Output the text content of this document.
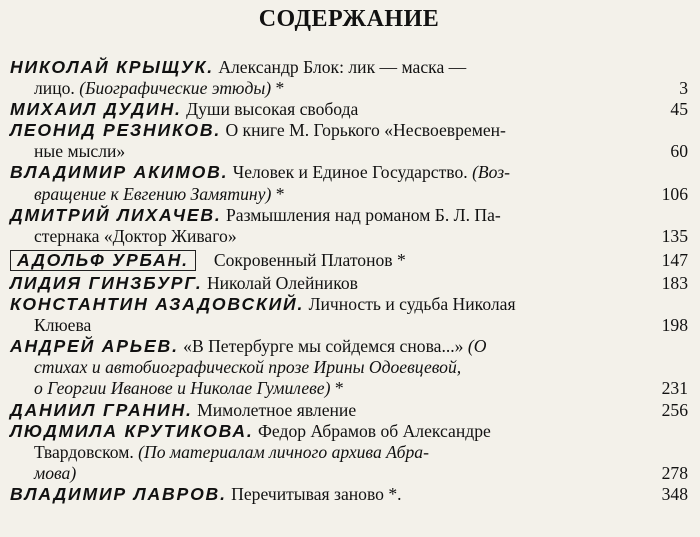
СОДЕРЖАНИЕ
НИКОЛАЙ КРЫЩУК. Александр Блок: лик — маска —
лицо. (Биографические этюды) *	3
МИХАИЛ ДУДИН. Души высокая свобода	45
ЛЕОНИД РЕЗНИКОВ. О книге М. Горького «Несвоевремен-
ные мысли»	60
ВЛАДИМИР АКИМОВ. Человек и Единое Государство. (Воз-
вращение к Евгению Замятину) *	106
ДМИТРИЙ ЛИХАЧЕВ. Размышления над романом Б. Л. Па-
стернака «Доктор Живаго»	135
АДОЛЬФ УРБАН. Сокровенный Платонов *	147
ЛИДИЯ ГИНЗБУРГ. Николай Олейников	183
КОНСТАНТИН АЗАДОВСКИЙ. Личность и судьба Николая
Клюева	198
АНДРЕЙ АРЬЕВ. «В Петербурге мы сойдемся снова...» (О
стихах и автобиографической прозе Ирины Одоевцевой,
о Георгии Иванове и Николае Гумилеве) *	231
ДАНИИЛ ГРАНИН. Мимолетное явление	256
ЛЮДМИЛА КРУТИКОВА. Федор Абрамов об Александре
Твардовском. (По материалам личного архива Абра-
мова)	278
ВЛАДИМИР ЛАВРОВ. Перечитывая заново *.	348
